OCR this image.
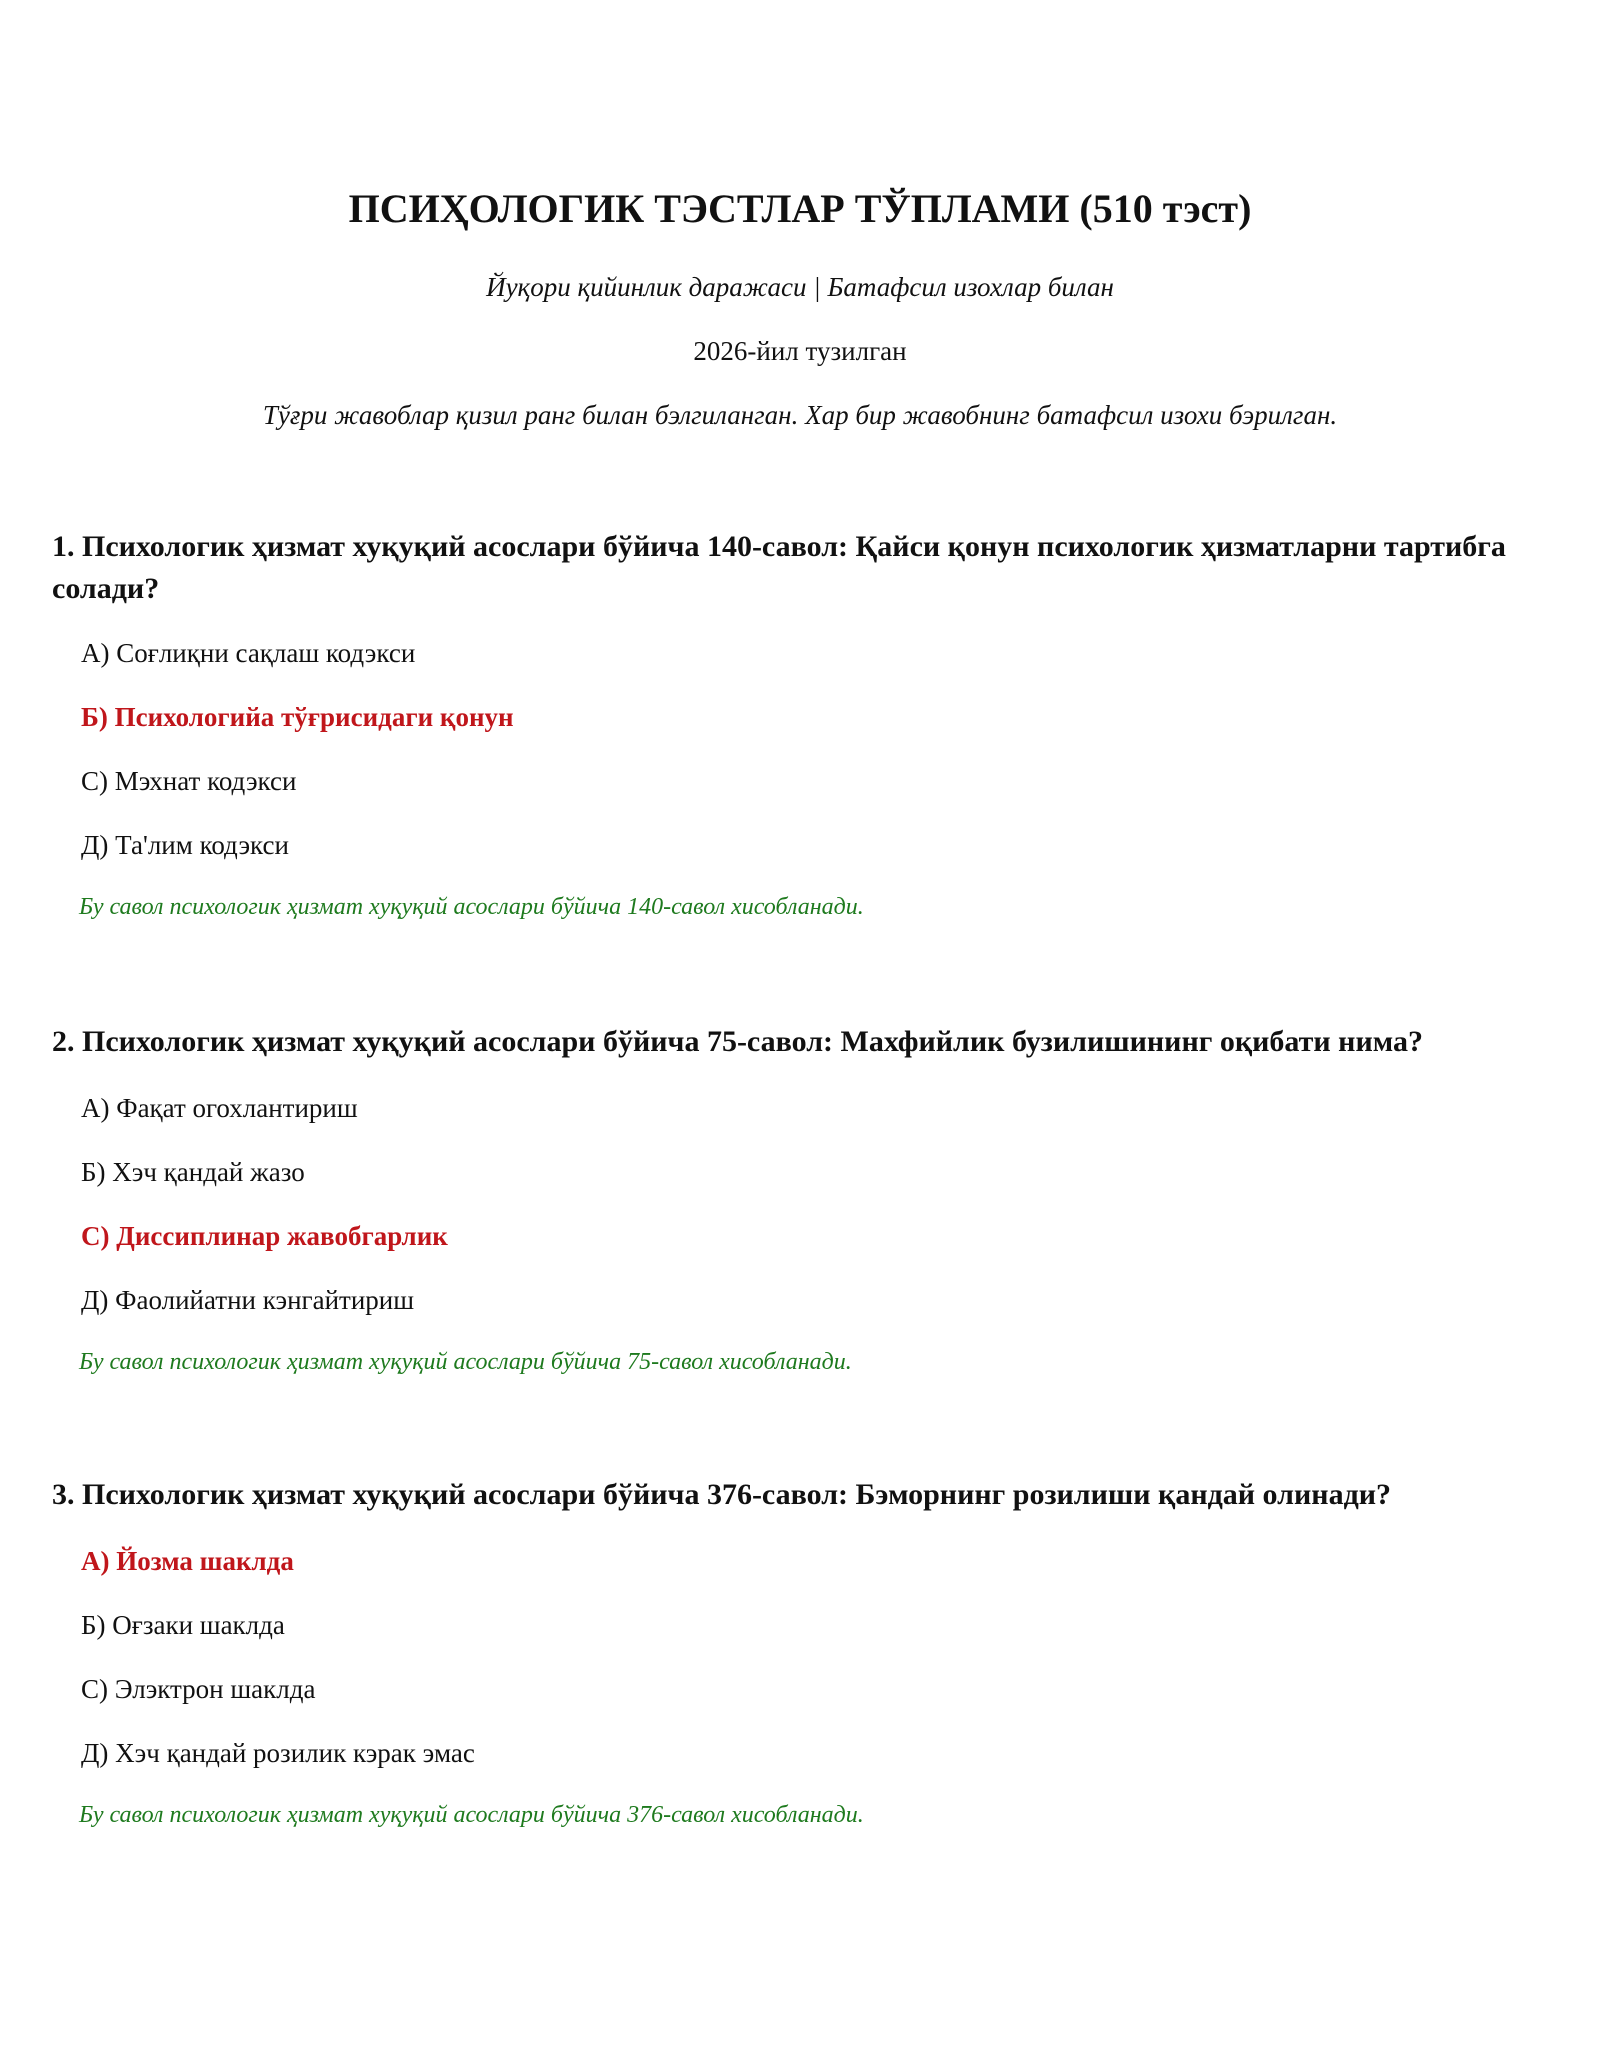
ПСИҲОЛОГИК ТЭСТЛАР ТЎПЛАМИ (510 тэст)
Йуқори қийинлик даражаси | Батафсил изохлар билан
2026-йил тузилган
Тўғри жавоблар қизил ранг билан бэлгиланган. Хар бир жавобнинг батафсил изохи бэрилган.

1. Психологик ҳизмат хуқуқий асослари бўйича 140-савол: Қайси қонун психологик ҳизматларни тартибга солади?

А) Соғлиқни сақлаш кодэкси
Б) Психологийа тўғрисидаги қонун
С) Мэхнат кодэкси
Д) Та'лим кодэкси
Бу савол психологик ҳизмат хуқуқий асослари бўйича 140-савол хисобланади.

2. Психологик ҳизмат хуқуқий асослари бўйича 75-савол: Махфийлик бузилишининг оқибати нима?

А) Фақат огохлантириш
Б) Хэч қандай жазо
С) Диссиплинар жавобгарлик
Д) Фаолийатни кэнгайтириш
Бу савол психологик ҳизмат хуқуқий асослари бўйича 75-савол хисобланади.

3. Психологик ҳизмат хуқуқий асослари бўйича 376-савол: Бэморнинг розилиши қандай олинади?

А) Йозма шаклда
Б) Оғзаки шаклда
С) Элэктрон шаклда
Д) Хэч қандай розилик кэрак эмас
Бу савол психологик ҳизмат хуқуқий асослари бўйича 376-савол хисобланади.
